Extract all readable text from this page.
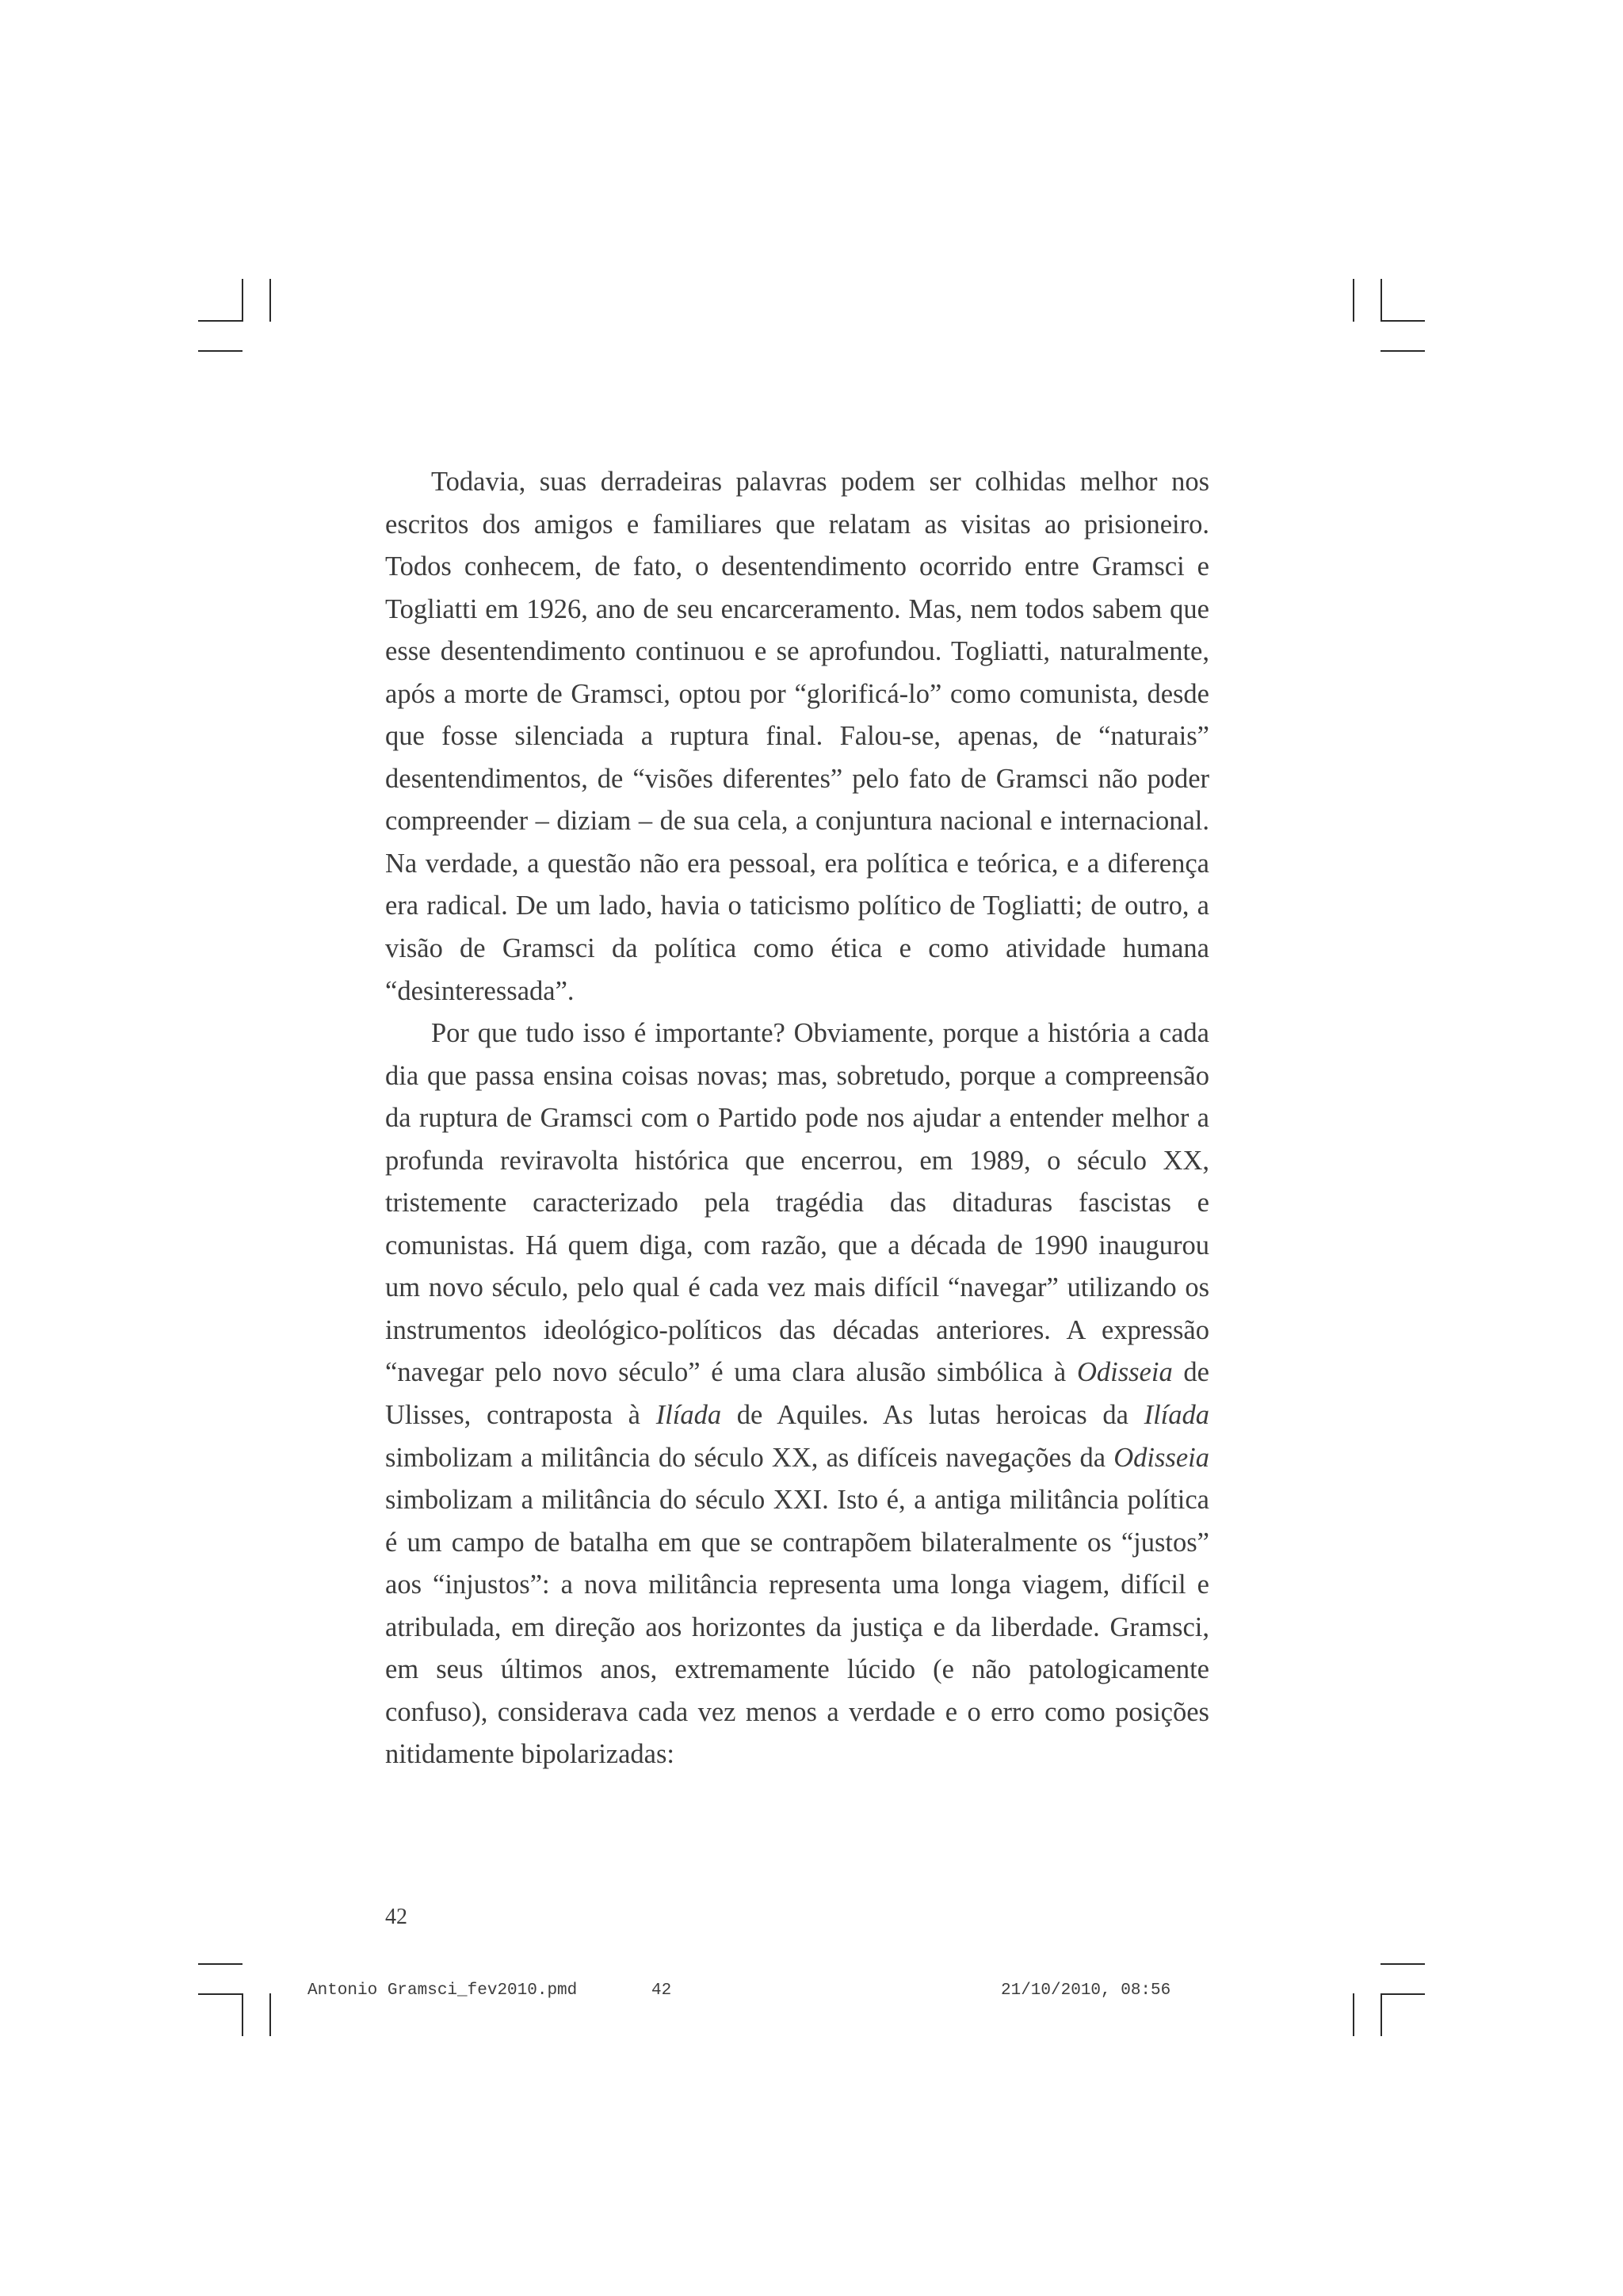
Todavia, suas derradeiras palavras podem ser colhidas melhor nos escritos dos amigos e familiares que relatam as visitas ao prisioneiro. Todos conhecem, de fato, o desentendimento ocorrido entre Gramsci e Togliatti em 1926, ano de seu encarceramento. Mas, nem todos sabem que esse desentendimento continuou e se aprofundou. Togliatti, naturalmente, após a morte de Gramsci, optou por “glorificá-lo” como comunista, desde que fosse silenciada a ruptura final. Falou-se, apenas, de “naturais” desentendimentos, de “visões diferentes” pelo fato de Gramsci não poder compreender – diziam – de sua cela, a conjuntura nacional e internacional. Na verdade, a questão não era pessoal, era política e teórica, e a diferença era radical. De um lado, havia o taticismo político de Togliatti; de outro, a visão de Gramsci da política como ética e como atividade humana “desinteressada”.

Por que tudo isso é importante? Obviamente, porque a história a cada dia que passa ensina coisas novas; mas, sobretudo, porque a compreensão da ruptura de Gramsci com o Partido pode nos ajudar a entender melhor a profunda reviravolta histórica que encerrou, em 1989, o século XX, tristemente caracterizado pela tragédia das ditaduras fascistas e comunistas. Há quem diga, com razão, que a década de 1990 inaugurou um novo século, pelo qual é cada vez mais difícil “navegar” utilizando os instrumentos ideológico-políticos das décadas anteriores. A expressão “navegar pelo novo século” é uma clara alusão simbólica à Odisseia de Ulisses, contraposta à Ilíada de Aquiles. As lutas heroicas da Ilíada simbolizam a militância do século XX, as difíceis navegações da Odisseia simbolizam a militância do século XXI. Isto é, a antiga militância política é um campo de batalha em que se contrapõem bilateralmente os “justos” aos “injustos”: a nova militância representa uma longa viagem, difícil e atribulada, em direção aos horizontes da justiça e da liberdade. Gramsci, em seus últimos anos, extremamente lúcido (e não patologicamente confuso), considerava cada vez menos a verdade e o erro como posições nitidamente bipolarizadas:

42
Antonio Gramsci_fev2010.pmd	42	21/10/2010, 08:56
